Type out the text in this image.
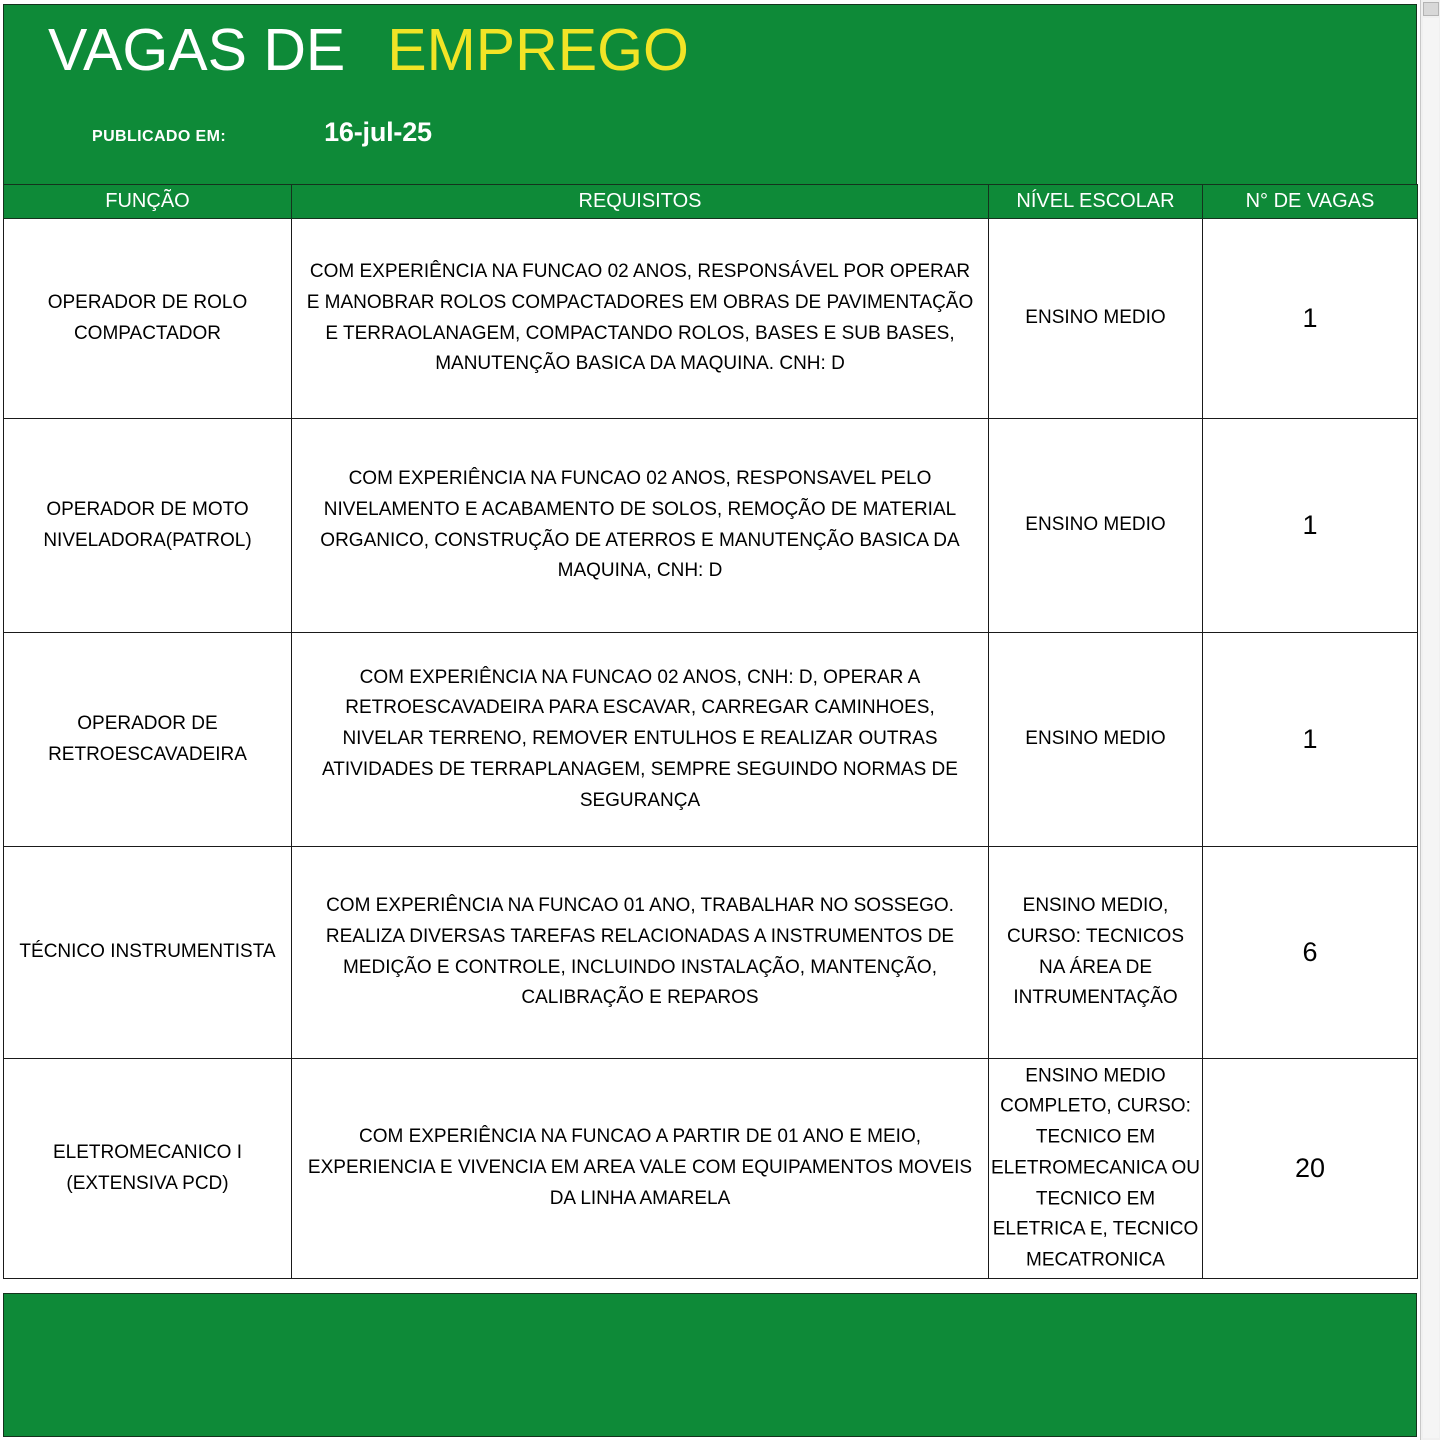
VAGAS DE EMPREGO
PUBLICADO EM:	16-jul-25
FUNÇÃO	REQUISITOS	NÍVEL ESCOLAR	N° DE VAGAS
OPERADOR DE ROLO COMPACTADOR	COM EXPERIÊNCIA NA FUNCAO 02 ANOS, RESPONSÁVEL POR OPERAR E MANOBRAR ROLOS COMPACTADORES EM OBRAS DE PAVIMENTAÇÃO E TERRAOLANAGEM, COMPACTANDO ROLOS, BASES E SUB BASES, MANUTENÇÃO BASICA DA MAQUINA. CNH: D	ENSINO MEDIO	1
OPERADOR DE MOTO NIVELADORA(PATROL)	COM EXPERIÊNCIA NA FUNCAO 02 ANOS, RESPONSAVEL PELO NIVELAMENTO E ACABAMENTO DE SOLOS, REMOÇÃO DE MATERIAL ORGANICO, CONSTRUÇÃO DE ATERROS E MANUTENÇÃO BASICA DA MAQUINA, CNH: D	ENSINO MEDIO	1
OPERADOR DE RETROESCAVADEIRA	COM EXPERIÊNCIA NA FUNCAO 02 ANOS, CNH: D, OPERAR A RETROESCAVADEIRA PARA ESCAVAR, CARREGAR CAMINHOES, NIVELAR TERRENO, REMOVER ENTULHOS E REALIZAR OUTRAS ATIVIDADES DE TERRAPLANAGEM, SEMPRE SEGUINDO NORMAS DE SEGURANÇA	ENSINO MEDIO	1
TÉCNICO INSTRUMENTISTA	COM EXPERIÊNCIA NA FUNCAO 01 ANO, TRABALHAR NO SOSSEGO. REALIZA DIVERSAS TAREFAS RELACIONADAS A INSTRUMENTOS DE MEDIÇÃO E CONTROLE, INCLUINDO INSTALAÇÃO, MANTENÇÃO, CALIBRAÇÃO E REPAROS	ENSINO MEDIO, CURSO: TECNICOS NA ÁREA DE INTRUMENTAÇÃO	6
ELETROMECANICO I (EXTENSIVA PCD)	COM EXPERIÊNCIA NA FUNCAO A PARTIR DE 01 ANO E MEIO, EXPERIENCIA E VIVENCIA EM AREA VALE COM EQUIPAMENTOS MOVEIS DA LINHA AMARELA	ENSINO MEDIO COMPLETO, CURSO: TECNICO EM ELETROMECANICA OU TECNICO EM ELETRICA E, TECNICO MECATRONICA	20
